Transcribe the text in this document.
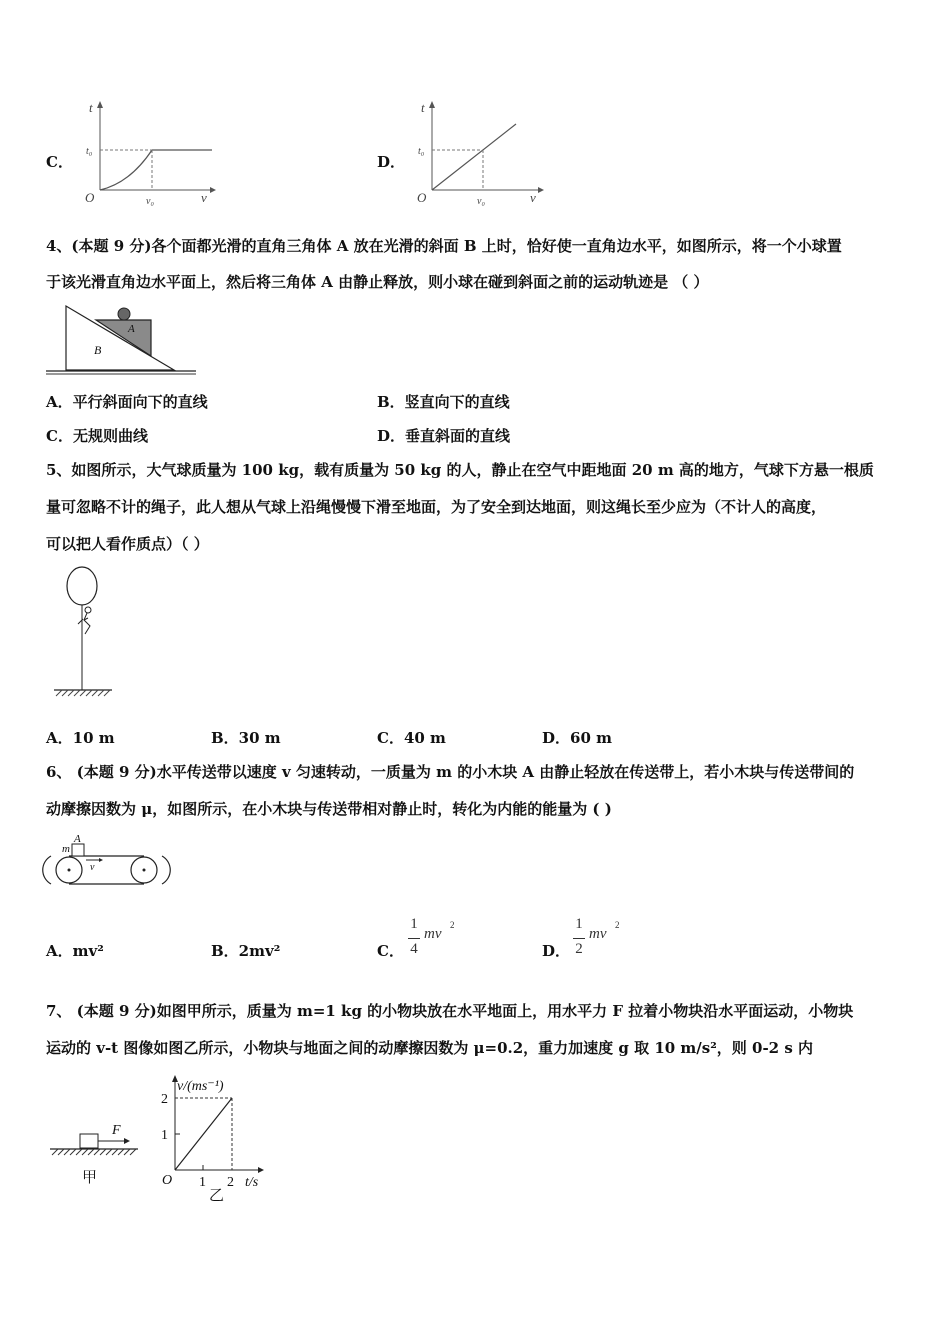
C．
t
t₀
O	v₀	v
D．
t
t₀
O	v₀	v
4、(本题 9 分)各个面都光滑的直角三角体 A 放在光滑的斜面 B 上时，恰好使一直角边水平，如图所示，将一个小球置
于该光滑直角边水平面上，然后将三角体 A 由静止释放，则小球在碰到斜面之前的运动轨迹是 （ ）
A
B
A．平行斜面向下的直线	B．竖直向下的直线
C．无规则曲线	D．垂直斜面的直线
5、如图所示，大气球质量为 100 kg，载有质量为 50 kg 的人，静止在空气中距地面 20 m 高的地方，气球下方悬一根质
量可忽略不计的绳子，此人想从气球上沿绳慢慢下滑至地面，为了安全到达地面，则这绳长至少应为（不计人的高度，
可以把人看作质点）（ ）
A．10 m	B．30 m	C．40 m	D．60 m
6、 (本题 9 分)水平传送带以速度 v 匀速转动，一质量为 m 的小木块 A 由静止轻放在传送带上，若小木块与传送带间的
动摩擦因数为 μ，如图所示，在小木块与传送带相对静止时，转化为内能的能量为 ( )
A
m
v
A．mv²	B．2mv²	C．
1
4
mv
2
D．
1
2
mv
2
7、 (本题 9 分)如图甲所示，质量为 m=1 kg 的小物块放在水平地面上，用水平力 F 拉着小物块沿水平面运动，小物块
运动的 v-t 图像如图乙所示，小物块与地面之间的动摩擦因数为 μ=0.2，重力加速度 g 取 10 m/s²，则 0-2 s 内
F
甲
v/(ms⁻¹)
2
1
O 1 2 t/s
乙
